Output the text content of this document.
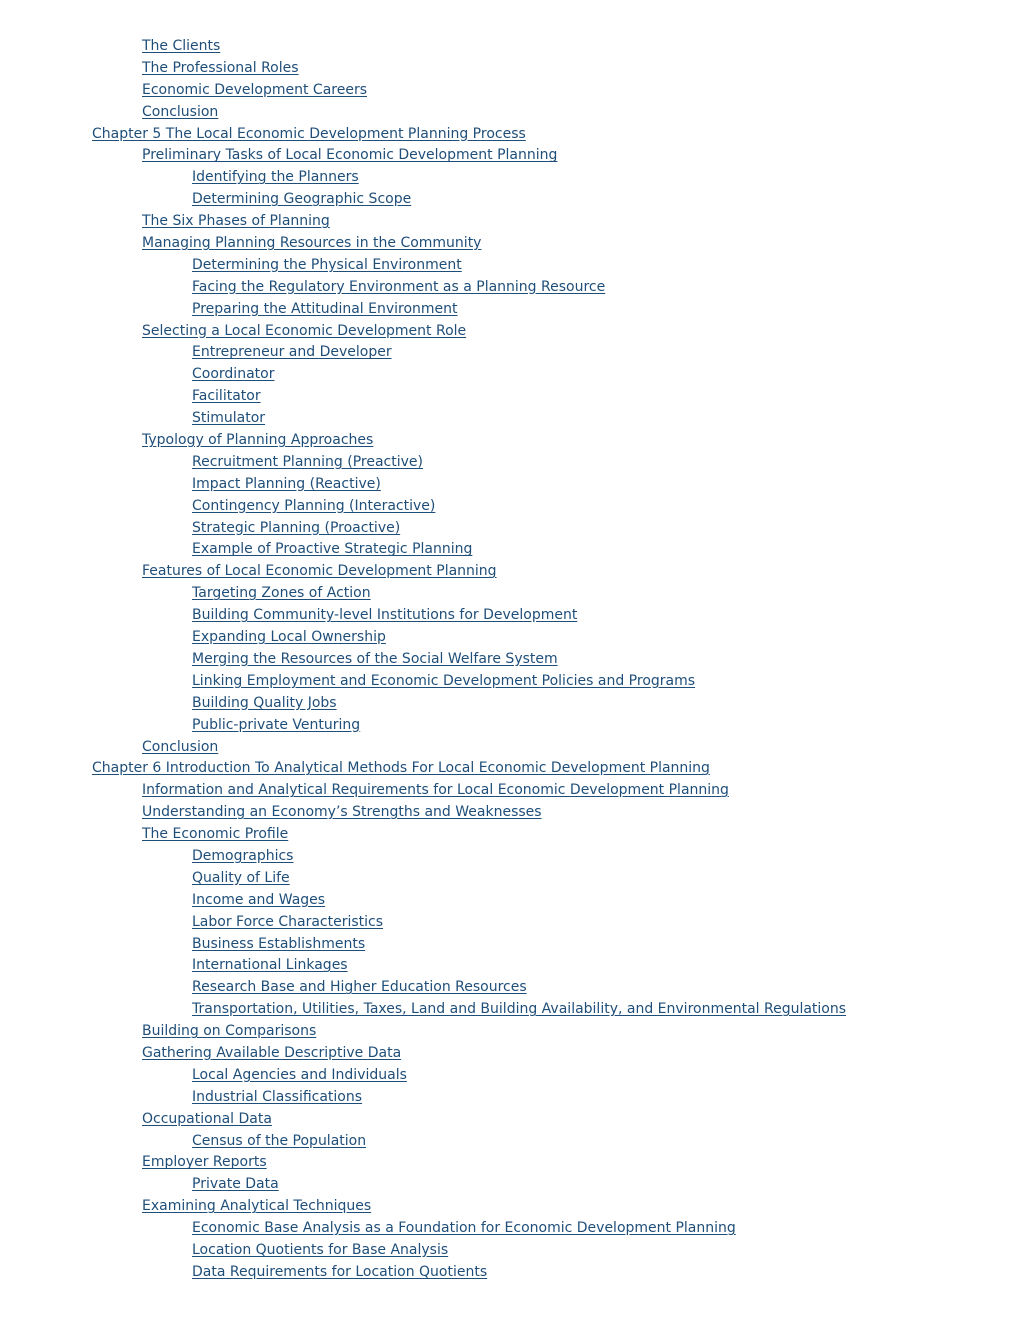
The Clients
The Professional Roles
Economic Development Careers
Conclusion
Chapter 5 The Local Economic Development Planning Process
Preliminary Tasks of Local Economic Development Planning
Identifying the Planners
Determining Geographic Scope
The Six Phases of Planning
Managing Planning Resources in the Community
Determining the Physical Environment
Facing the Regulatory Environment as a Planning Resource
Preparing the Attitudinal Environment
Selecting a Local Economic Development Role
Entrepreneur and Developer
Coordinator
Facilitator
Stimulator
Typology of Planning Approaches
Recruitment Planning (Preactive)
Impact Planning (Reactive)
Contingency Planning (Interactive)
Strategic Planning (Proactive)
Example of Proactive Strategic Planning
Features of Local Economic Development Planning
Targeting Zones of Action
Building Community-level Institutions for Development
Expanding Local Ownership
Merging the Resources of the Social Welfare System
Linking Employment and Economic Development Policies and Programs
Building Quality Jobs
Public-private Venturing
Conclusion
Chapter 6 Introduction To Analytical Methods For Local Economic Development Planning
Information and Analytical Requirements for Local Economic Development Planning
Understanding an Economy’s Strengths and Weaknesses
The Economic Profile
Demographics
Quality of Life
Income and Wages
Labor Force Characteristics
Business Establishments
International Linkages
Research Base and Higher Education Resources
Transportation, Utilities, Taxes, Land and Building Availability, and Environmental Regulations
Building on Comparisons
Gathering Available Descriptive Data
Local Agencies and Individuals
Industrial Classifications
Occupational Data
Census of the Population
Employer Reports
Private Data
Examining Analytical Techniques
Economic Base Analysis as a Foundation for Economic Development Planning
Location Quotients for Base Analysis
Data Requirements for Location Quotients
